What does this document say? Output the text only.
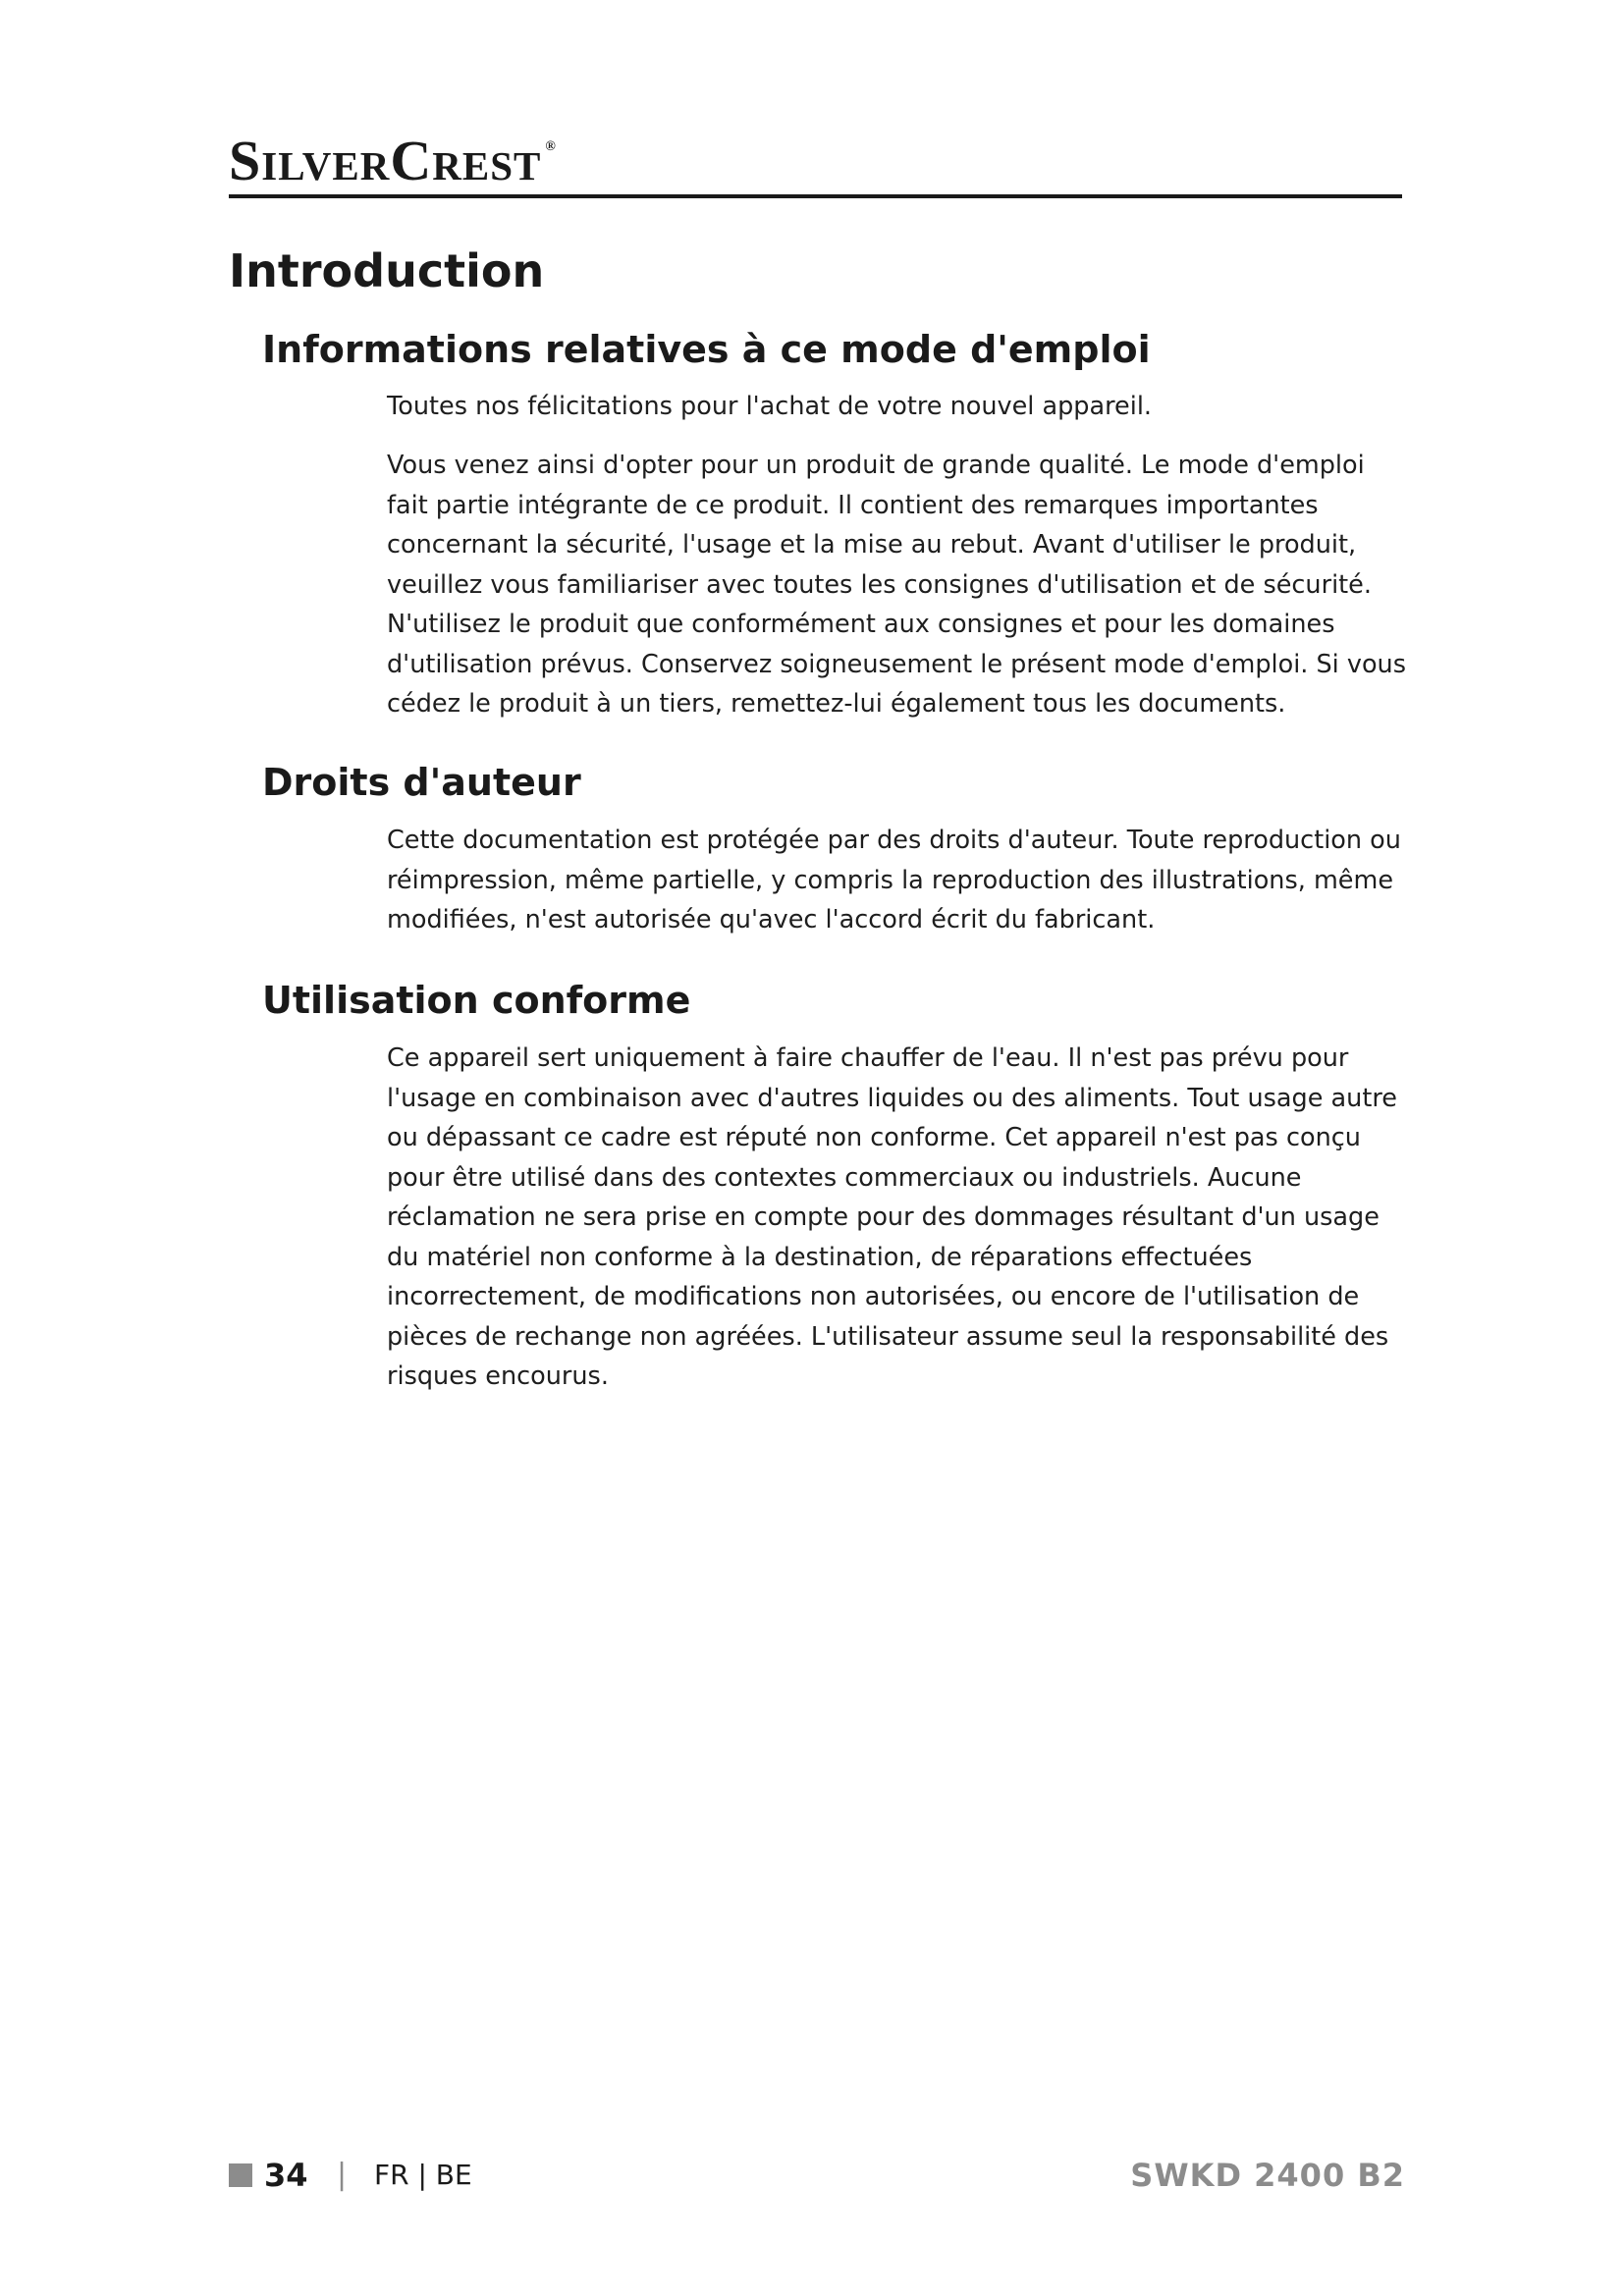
SilverCrest ®
Introduction
Informations relatives à ce mode d'emploi

Toutes nos félicitations pour l'achat de votre nouvel appareil.

Vous venez ainsi d'opter pour un produit de grande qualité. Le mode d'emploi fait partie intégrante de ce produit. Il contient des remarques importantes concernant la sécurité, l'usage et la mise au rebut. Avant d'utiliser le produit, veuillez vous familiariser avec toutes les consignes d'utilisation et de sécurité. N'utilisez le produit que conformément aux consignes et pour les domaines d'utilisation prévus. Conservez soigneusement le présent mode d'emploi. Si vous cédez le produit à un tiers, remettez-lui également tous les documents.

Droits d'auteur

Cette documentation est protégée par des droits d'auteur. Toute reproduction ou réimpression, même partielle, y compris la reproduction des illustrations, même modifiées, n'est autorisée qu'avec l'accord écrit du fabricant.

Utilisation conforme

Ce appareil sert uniquement à faire chauffer de l'eau. Il n'est pas prévu pour l'usage en combinaison avec d'autres liquides ou des aliments. Tout usage autre ou dépassant ce cadre est réputé non conforme. Cet appareil n'est pas conçu pour être utilisé dans des contextes commerciaux ou industriels. Aucune réclamation ne sera prise en compte pour des dommages résultant d'un usage du matériel non conforme à la destination, de réparations effectuées incorrectement, de modifications non autorisées, ou encore de l'utilisation de pièces de rechange non agréées. L'utilisateur assume seul la responsabilité des risques encourus.

34 | FR | BE	SWKD 2400 B2
